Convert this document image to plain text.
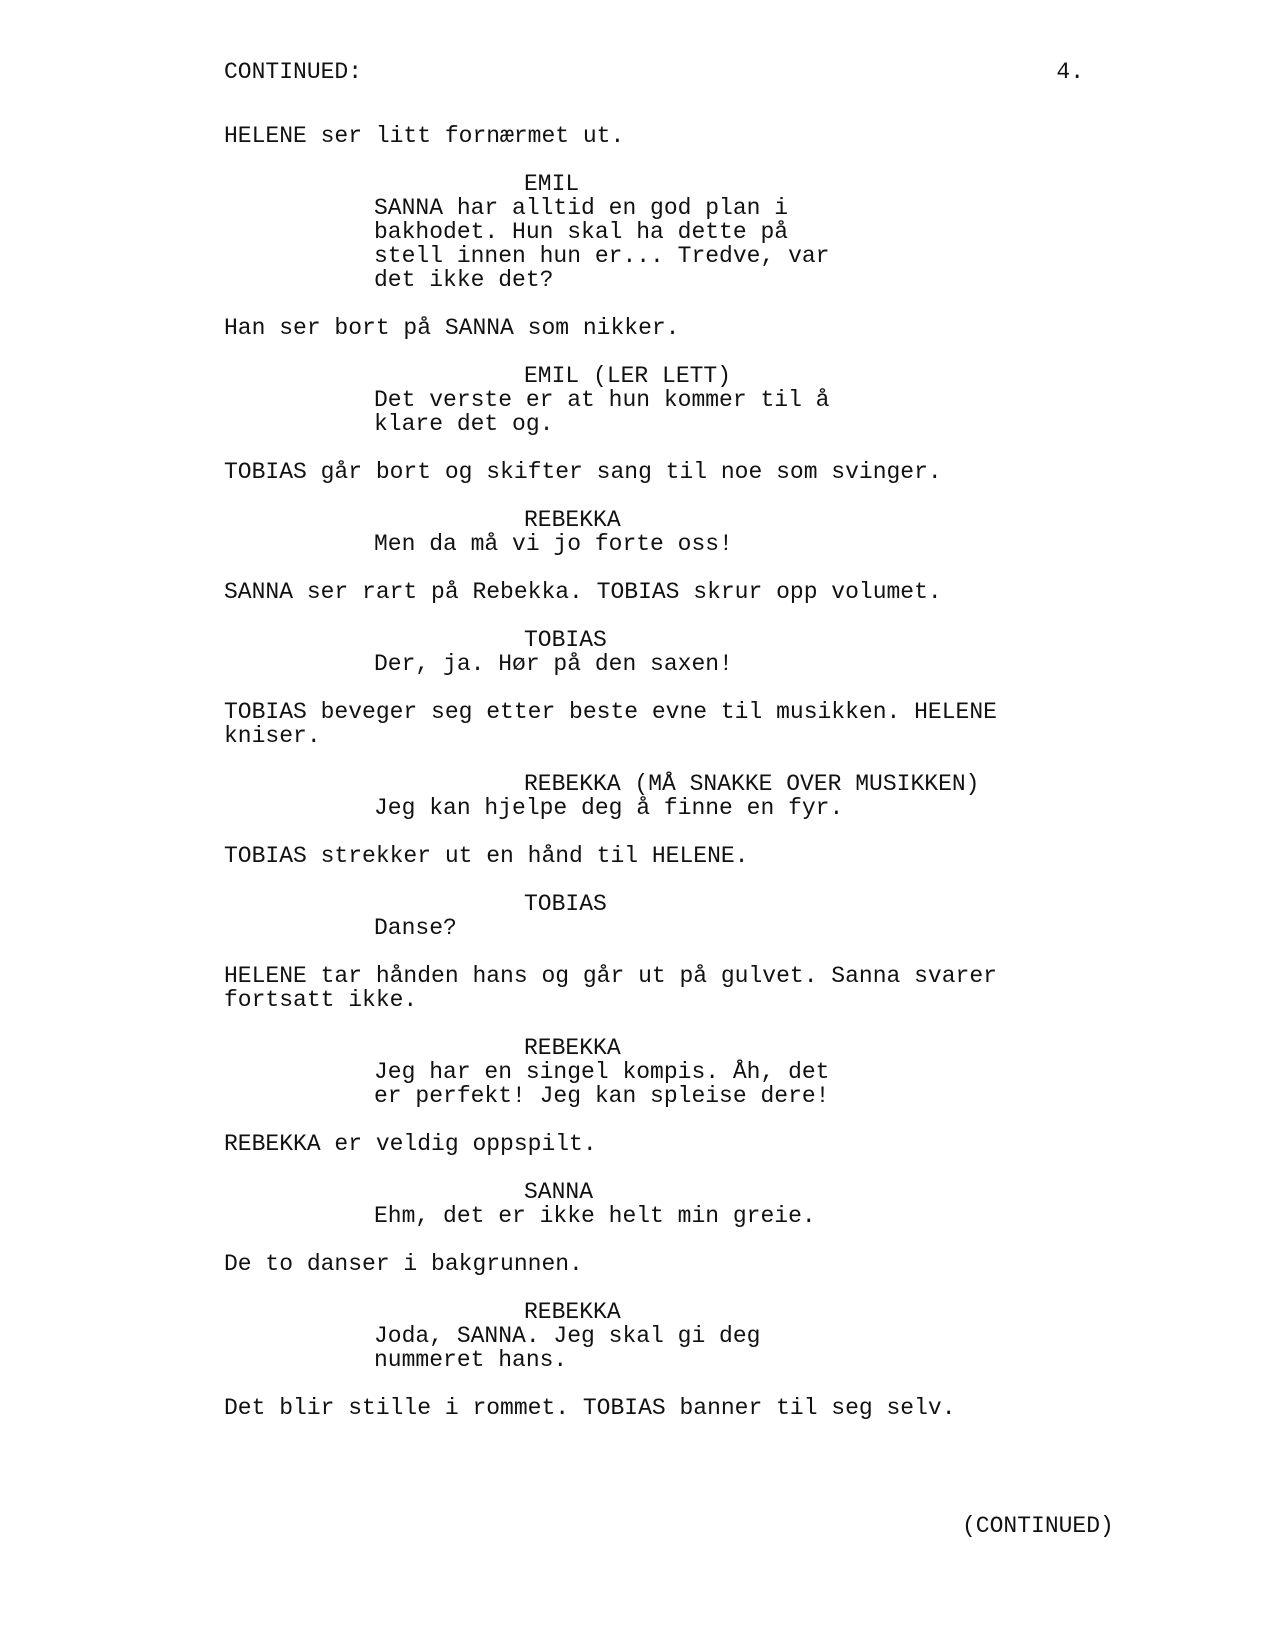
CONTINUED:	4.
HELENE ser litt fornærmet ut.
EMIL
SANNA har alltid en god plan i
bakhodet. Hun skal ha dette på
stell innen hun er... Tredve, var
det ikke det?
Han ser bort på SANNA som nikker.
EMIL (LER LETT)
Det verste er at hun kommer til å
klare det og.
TOBIAS går bort og skifter sang til noe som svinger.
REBEKKA
Men da må vi jo forte oss!
SANNA ser rart på Rebekka. TOBIAS skrur opp volumet.
TOBIAS
Der, ja. Hør på den saxen!
TOBIAS beveger seg etter beste evne til musikken. HELENE
kniser.
REBEKKA (MÅ SNAKKE OVER MUSIKKEN)
Jeg kan hjelpe deg å finne en fyr.
TOBIAS strekker ut en hånd til HELENE.
TOBIAS
Danse?
HELENE tar hånden hans og går ut på gulvet. Sanna svarer
fortsatt ikke.
REBEKKA
Jeg har en singel kompis. Åh, det
er perfekt! Jeg kan spleise dere!
REBEKKA er veldig oppspilt.
SANNA
Ehm, det er ikke helt min greie.
De to danser i bakgrunnen.
REBEKKA
Joda, SANNA. Jeg skal gi deg
nummeret hans.
Det blir stille i rommet. TOBIAS banner til seg selv.
(CONTINUED)
